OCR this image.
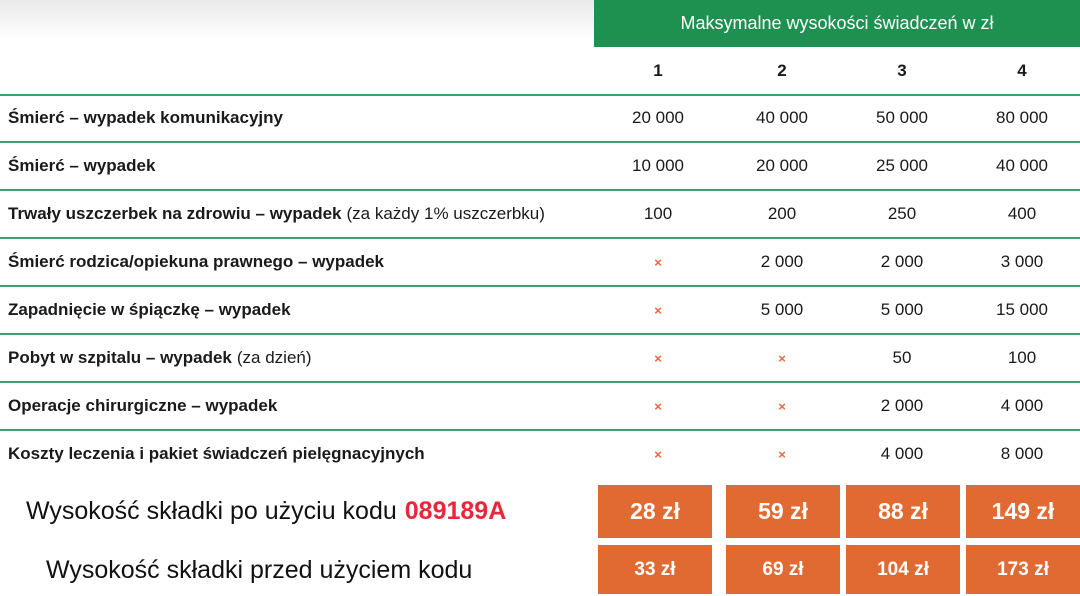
Maksymalne wysokości świadczeń w zł
1	2	3	4
Śmierć – wypadek komunikacyjny	20 000	40 000	50 000	80 000
Śmierć – wypadek	10 000	20 000	25 000	40 000
Trwały uszczerbek na zdrowiu – wypadek (za każdy 1% uszczerbku)	100	200	250	400
Śmierć rodzica/opiekuna prawnego – wypadek	×	2 000	2 000	3 000
Zapadnięcie w śpiączkę – wypadek	×	5 000	5 000	15 000
Pobyt w szpitalu – wypadek (za dzień)	×	×	50	100
Operacje chirurgiczne – wypadek	×	×	2 000	4 000
Koszty leczenia i pakiet świadczeń pielęgnacyjnych	×	×	4 000	8 000
Wysokość składki po użyciu kodu 089189A	28 zł	59 zł	88 zł	149 zł
Wysokość składki przed użyciem kodu	33 zł	69 zł	104 zł	173 zł
